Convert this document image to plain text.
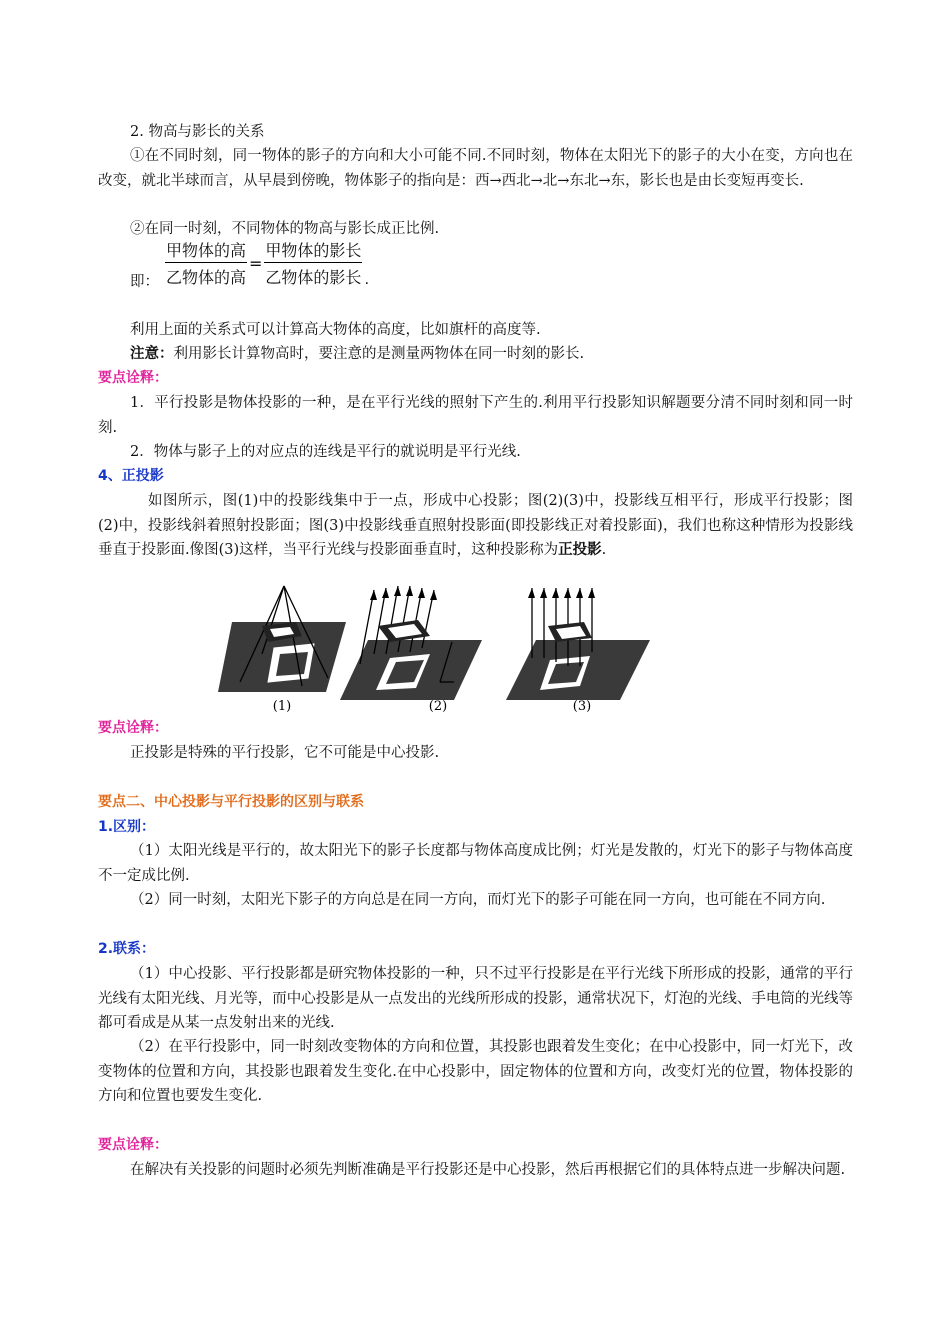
2. 物高与影长的关系

①在不同时刻，同一物体的影子的方向和大小可能不同.不同时刻，物体在太阳光下的影子的大小在变，方向也在改变，就北半球而言，从早晨到傍晚，物体影子的指向是：西→西北→北→东北→东，影长也是由长变短再变长.

②在同一时刻，不同物体的物高与影长成正比例.

即：
甲物体的高
乙物体的高
=
甲物体的影长
乙物体的影长 .

利用上面的关系式可以计算高大物体的高度，比如旗杆的高度等.

注意：利用影长计算物高时，要注意的是测量两物体在同一时刻的影长.

要点诠释：

1．平行投影是物体投影的一种，是在平行光线的照射下产生的.利用平行投影知识解题要分清不同时刻和同一时刻.

2．物体与影子上的对应点的连线是平行的就说明是平行光线.

4、正投影

如图所示，图(1)中的投影线集中于一点，形成中心投影；图(2)(3)中，投影线互相平行，形成平行投影；图(2)中，投影线斜着照射投影面；图(3)中投影线垂直照射投影面(即投影线正对着投影面)，我们也称这种情形为投影线垂直于投影面.像图(3)这样，当平行光线与投影面垂直时，这种投影称为正投影.

(1)	(2)	(3)

要点诠释：

正投影是特殊的平行投影，它不可能是中心投影.

要点二、中心投影与平行投影的区别与联系

1.区别：

（1）太阳光线是平行的，故太阳光下的影子长度都与物体高度成比例；灯光是发散的，灯光下的影子与物体高度不一定成比例.

（2）同一时刻，太阳光下影子的方向总是在同一方向，而灯光下的影子可能在同一方向，也可能在不同方向.

2.联系：

（1）中心投影、平行投影都是研究物体投影的一种，只不过平行投影是在平行光线下所形成的投影，通常的平行光线有太阳光线、月光等，而中心投影是从一点发出的光线所形成的投影，通常状况下，灯泡的光线、手电筒的光线等都可看成是从某一点发射出来的光线.

（2）在平行投影中，同一时刻改变物体的方向和位置，其投影也跟着发生变化；在中心投影中，同一灯光下，改变物体的位置和方向，其投影也跟着发生变化.在中心投影中，固定物体的位置和方向，改变灯光的位置，物体投影的方向和位置也要发生变化.

要点诠释：

在解决有关投影的问题时必须先判断准确是平行投影还是中心投影，然后再根据它们的具体特点进一步解决问题.
